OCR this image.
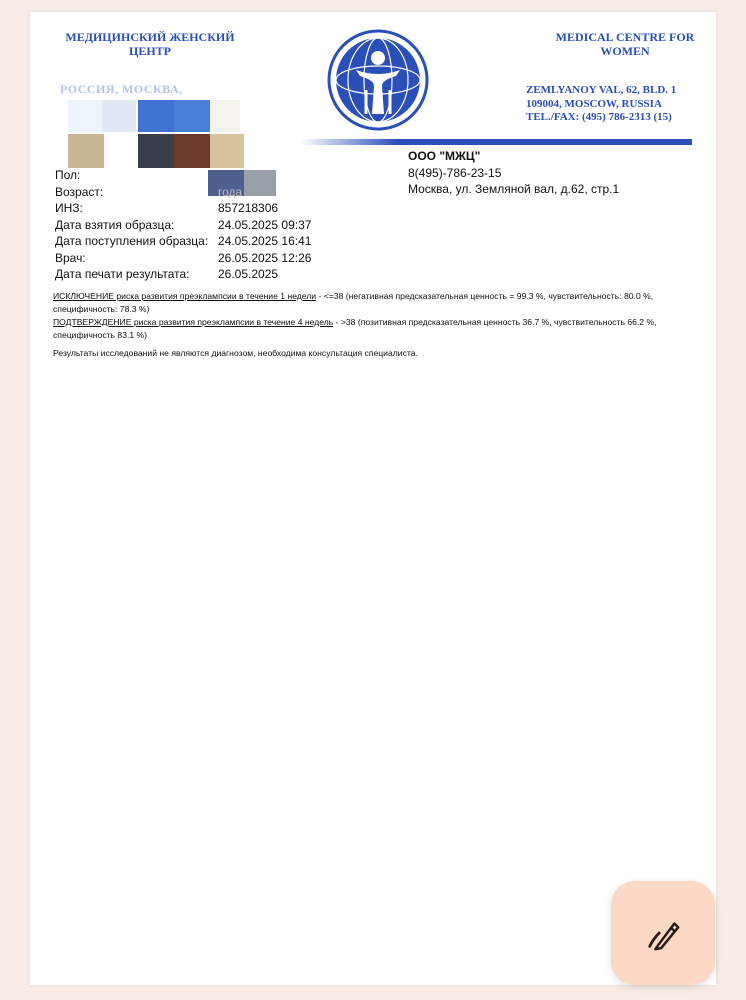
МЕДИЦИНСКИЙ ЖЕНСКИЙ ЦЕНТР
РОССИЯ, МОСКВА,
MEDICAL CENTRE FOR WOMEN
ZEMLYANOY VAL, 62, BLD. 1
109004, MOSCOW, RUSSIA
TEL./FAX: (495) 786-2313 (15)
Пол:
Возраст:
ИНЗ:
Дата взятия образца:
Дата поступления образца:
Врач:
Дата печати результата:
года
857218306
24.05.2025 09:37
24.05.2025 16:41
26.05.2025 12:26
26.05.2025
ООО "МЖЦ"
8(495)-786-23-15
Москва, ул. Земляной вал, д.62, стр.1

ИСКЛЮЧЕНИЕ риска развития преэклампсии в течение 1 недели - <=38 (негативная предсказательная ценность = 99.3 %, чувствительность: 80.0 %, специфичность: 78.3 %)

ПОДТВЕРЖДЕНИЕ риска развития преэклампсии в течение 4 недель - >38 (позитивная предсказательная ценность 36.7 %, чувствительность 66.2 %, специфичность 83.1 %)

Результаты исследований не являются диагнозом, необходима консультация специалиста.
